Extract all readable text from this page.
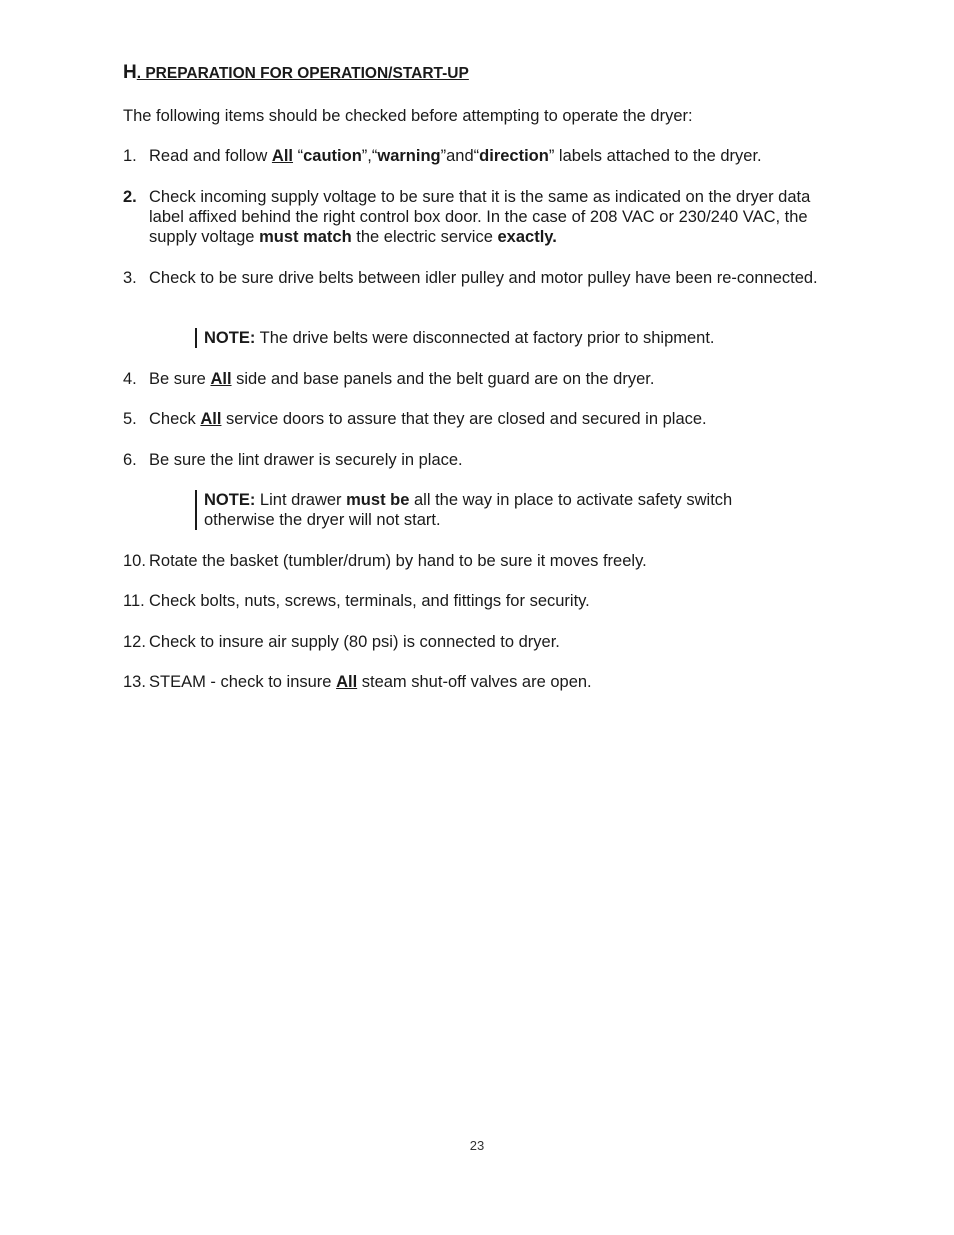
H. PREPARATION FOR OPERATION/START-UP
The following items should be checked before attempting to operate the dryer:
1. Read and follow All “caution”,“warning”and“direction” labels attached to the dryer.
2. Check incoming supply voltage to be sure that it is the same as indicated on the dryer data label affixed behind the right control box door. In the case of 208 VAC or 230/240 VAC, the supply voltage must match the electric service exactly.
3. Check to be sure drive belts between idler pulley and motor pulley have been re-connected.
NOTE: The drive belts were disconnected at factory prior to shipment.
4. Be sure All side and base panels and the belt guard are on the dryer.
5. Check All service doors to assure that they are closed and secured in place.
6. Be sure the lint drawer is securely in place.
NOTE: Lint drawer must be all the way in place to activate safety switch otherwise the dryer will not start.
10. Rotate the basket (tumbler/drum) by hand to be sure it moves freely.
11. Check bolts, nuts, screws, terminals, and fittings for security.
12. Check to insure air supply (80 psi) is connected to dryer.
13. STEAM - check to insure All steam shut-off valves are open.
23
